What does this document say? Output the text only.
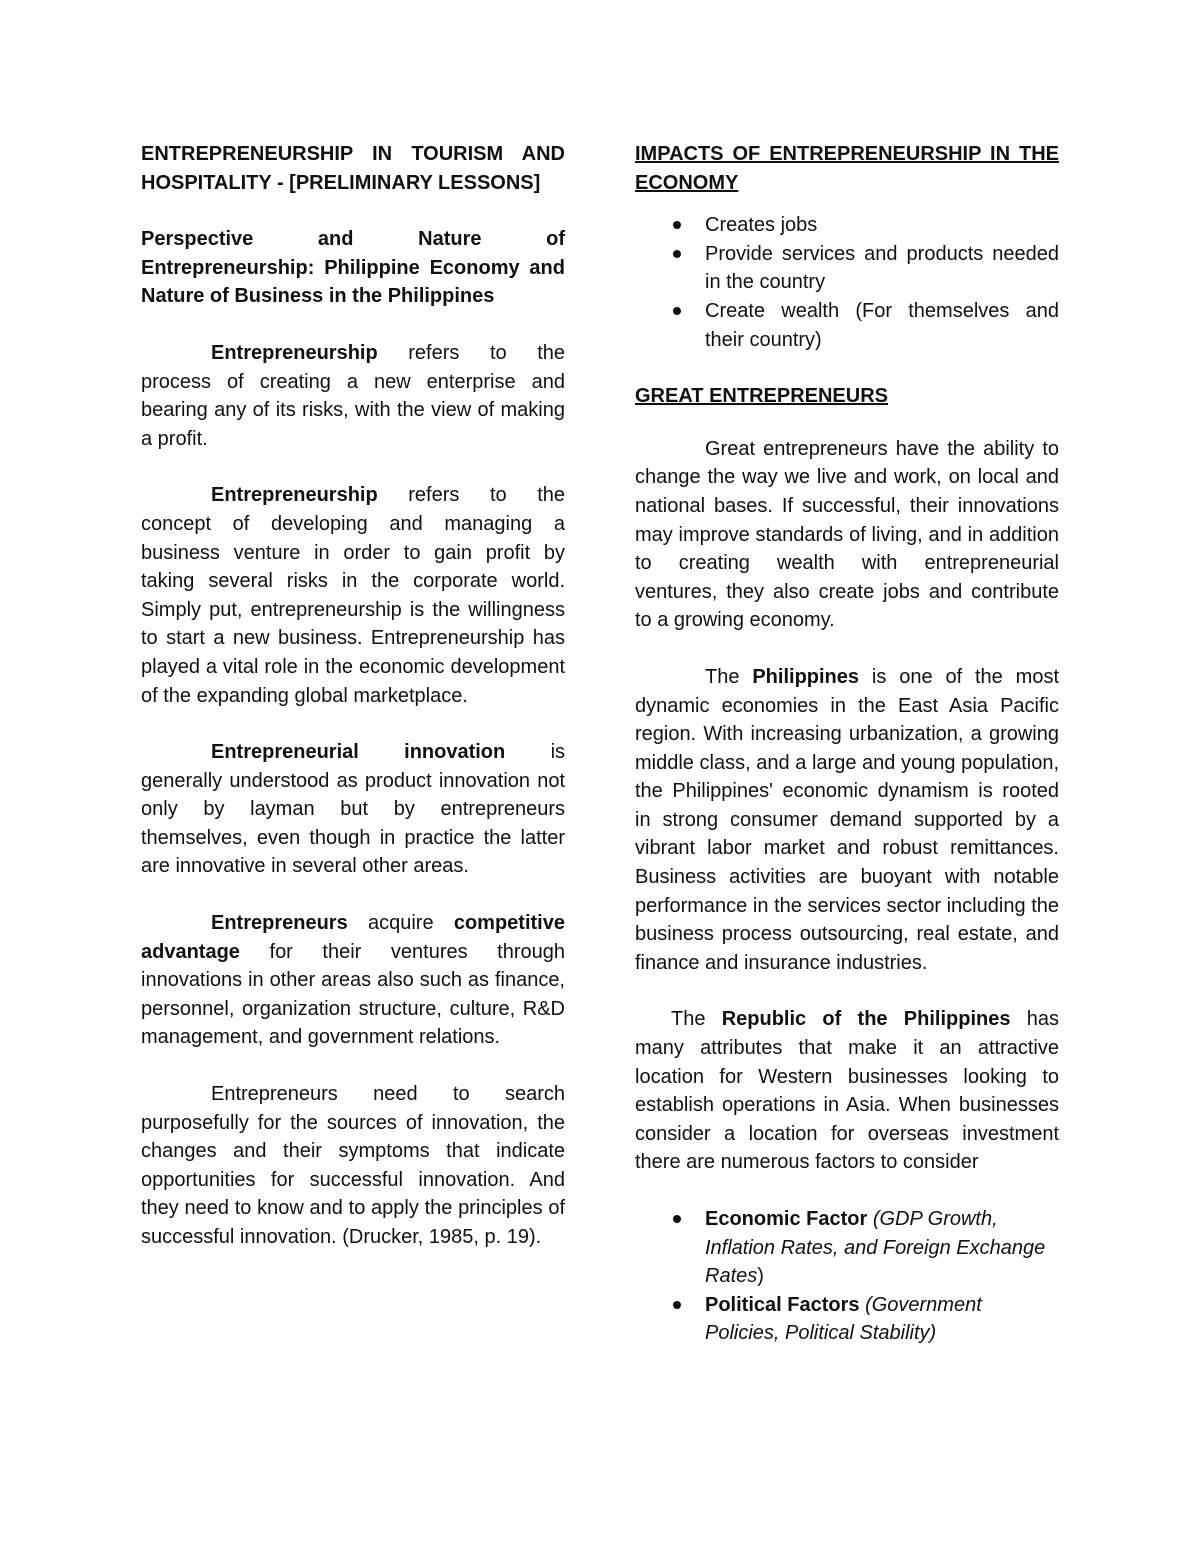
ENTREPRENEURSHIP IN TOURISM AND HOSPITALITY - [PRELIMINARY LESSONS]

Perspective and Nature of Entrepreneurship: Philippine Economy and Nature of Business in the Philippines

Entrepreneurship refers to the process of creating a new enterprise and bearing any of its risks, with the view of making a profit.

Entrepreneurship refers to the concept of developing and managing a business venture in order to gain profit by taking several risks in the corporate world. Simply put, entrepreneurship is the willingness to start a new business. Entrepreneurship has played a vital role in the economic development of the expanding global marketplace.

Entrepreneurial innovation is generally understood as product innovation not only by layman but by entrepreneurs themselves, even though in practice the latter are innovative in several other areas.

Entrepreneurs acquire competitive advantage for their ventures through innovations in other areas also such as finance, personnel, organization structure, culture, R&D management, and government relations.

Entrepreneurs need to search purposefully for the sources of innovation, the changes and their symptoms that indicate opportunities for successful innovation. And they need to know and to apply the principles of successful innovation. (Drucker, 1985, p. 19).

IMPACTS OF ENTREPRENEURSHIP IN THE ECONOMY

Creates jobs
Provide services and products needed in the country
Create wealth (For themselves and their country)

GREAT ENTREPRENEURS

Great entrepreneurs have the ability to change the way we live and work, on local and national bases. If successful, their innovations may improve standards of living, and in addition to creating wealth with entrepreneurial ventures, they also create jobs and contribute to a growing economy.

The Philippines is one of the most dynamic economies in the East Asia Pacific region. With increasing urbanization, a growing middle class, and a large and young population, the Philippines' economic dynamism is rooted in strong consumer demand supported by a vibrant labor market and robust remittances. Business activities are buoyant with notable performance in the services sector including the business process outsourcing, real estate, and finance and insurance industries.

The Republic of the Philippines has many attributes that make it an attractive location for Western businesses looking to establish operations in Asia. When businesses consider a location for overseas investment there are numerous factors to consider

Economic Factor (GDP Growth, Inflation Rates, and Foreign Exchange Rates)
Political Factors (Government Policies, Political Stability)
